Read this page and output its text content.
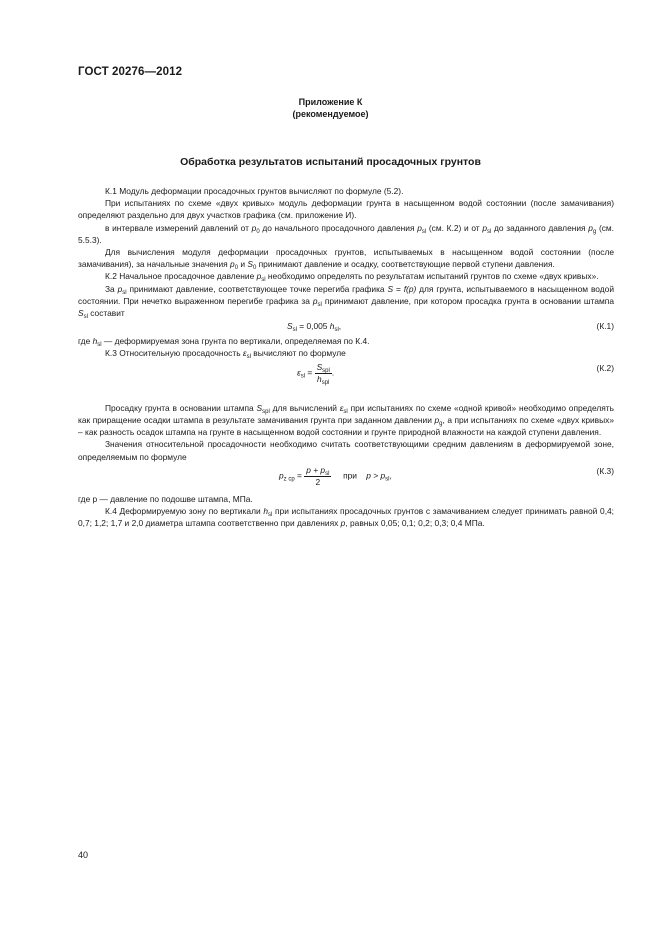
ГОСТ 20276—2012
Приложение К
(рекомендуемое)
Обработка результатов испытаний просадочных грунтов

К.1 Модуль деформации просадочных грунтов вычисляют по формуле (5.2).

При испытаниях по схеме «двух кривых» модуль деформации грунта в насыщенном водой состоянии (после замачивания) определяют раздельно для двух участков графика (см. приложение И).

в интервале измерений давлений от $p_0$ до начального просадочного давления $p_{sl}$ (см. К.2) и от $p_{sl}$ до заданного давления $p_g$ (см. 5.5.3).

Для вычисления модуля деформации просадочных грунтов, испытываемых в насыщенном водой состоянии (после замачивания), за начальные значения $p_0$ и $S_0$ принимают давление и осадку, соответствующие первой ступени давления.

К.2 Начальное просадочное давление $p_{sl}$ необходимо определять по результатам испытаний грунтов по схеме «двух кривых».

За $p_{sl}$ принимают давление, соответствующее точке перегиба графика S = f(p) для грунта, испытываемого в насыщенном водой состоянии. При нечетко выраженном перегибе графика за $p_{sl}$ принимают давление, при котором просадка грунта в основании штампа $S_{sl}$ составит

$S_{sl} = 0,005$ $h_{sl}$,	(К.1)

где $h_{sl}$ — деформируемая зона грунта по вертикали, определяемая по К.4.

К.3 Относительную просадочность $\varepsilon_{sl}$ вычисляют по формуле

$\varepsilon_{sl} = \frac{S_{spl}}{h_{spl}}$ .	(К.2)

Просадку грунта в основании штампа $S_{spl}$ для вычислений $\varepsilon_{sl}$ при испытаниях по схеме «одной кривой» необходимо определять как приращение осадки штампа в результате замачивания грунта при заданном давлении $p_g$, а при испытаниях по схеме «двух кривых» – как разность осадок штампа на грунте в насыщенном водой состоянии и грунте природной влажности на каждой ступени давления.

Значения относительной просадочности необходимо считать соответствующими средним давлениям в деформируемой зоне, определяемым по формуле

$p_{z ср} = \frac{p + p_{sl}}{2}$ при $p > p_{sl}$,	(К.3)

где p — давление по подошве штампа, МПа.

К.4 Деформируемую зону по вертикали $h_{sl}$ при испытаниях просадочных грунтов с замачиванием следует принимать равной 0,4; 0,7; 1,2; 1,7 и 2,0 диаметра штампа соответственно при давлениях p, равных 0,05; 0,1; 0,2; 0,3; 0,4 МПа.

40
